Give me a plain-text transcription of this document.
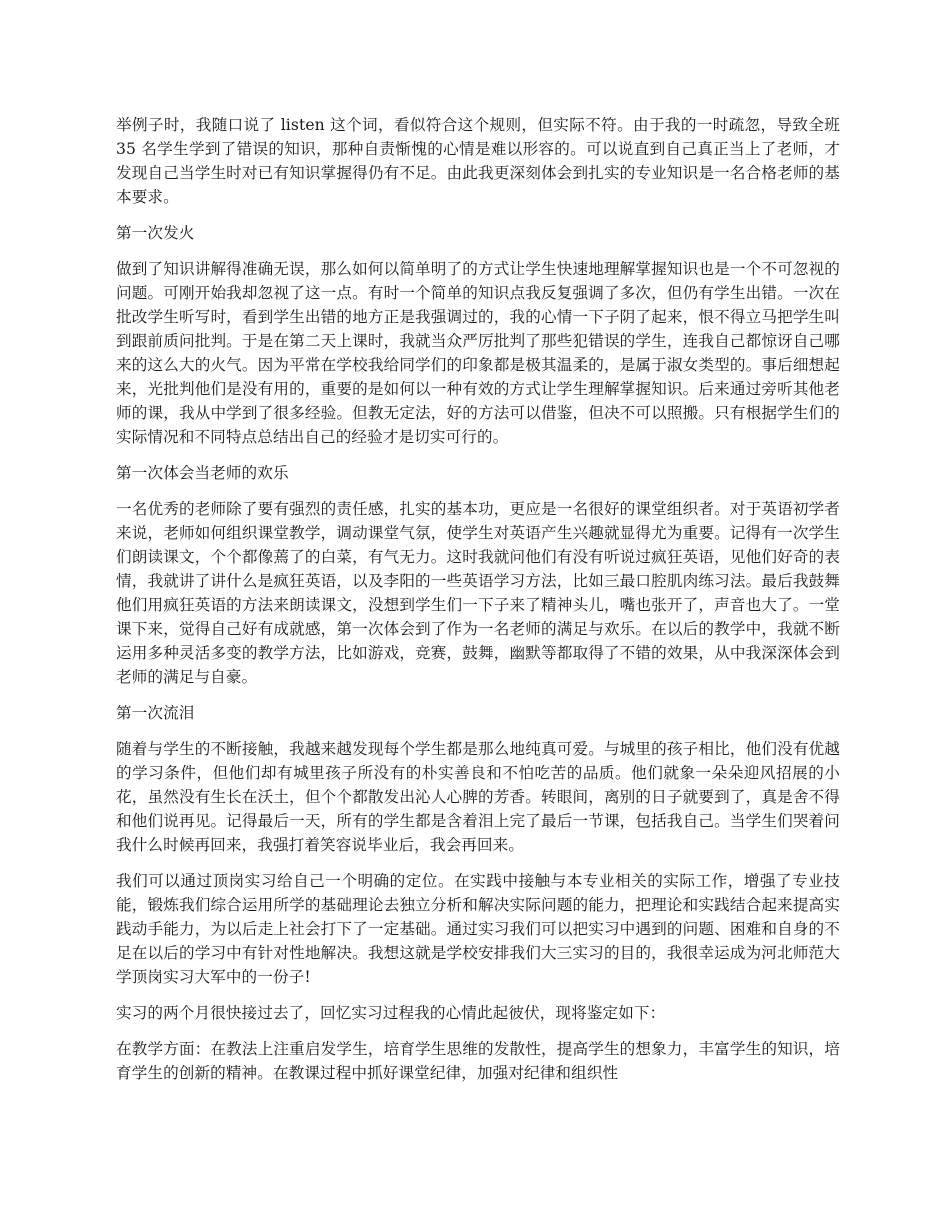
举例子时，我随口说了 listen 这个词，看似符合这个规则，但实际不符。由于我的一时疏忽，导致全班 35 名学生学到了错误的知识，那种自责惭愧的心情是难以形容的。可以说直到自己真正当上了老师，才发现自己当学生时对已有知识掌握得仍有不足。由此我更深刻体会到扎实的专业知识是一名合格老师的基本要求。

第一次发火

做到了知识讲解得准确无误，那么如何以简单明了的方式让学生快速地理解掌握知识也是一个不可忽视的问题。可刚开始我却忽视了这一点。有时一个简单的知识点我反复强调了多次，但仍有学生出错。一次在批改学生听写时，看到学生出错的地方正是我强调过的，我的心情一下子阴了起来，恨不得立马把学生叫到跟前质问批判。于是在第二天上课时，我就当众严厉批判了那些犯错误的学生，连我自己都惊讶自己哪来的这么大的火气。因为平常在学校我给同学们的印象都是极其温柔的，是属于淑女类型的。事后细想起来，光批判他们是没有用的，重要的是如何以一种有效的方式让学生理解掌握知识。后来通过旁听其他老师的课，我从中学到了很多经验。但教无定法，好的方法可以借鉴，但决不可以照搬。只有根据学生们的实际情况和不同特点总结出自己的经验才是切实可行的。

第一次体会当老师的欢乐

一名优秀的老师除了要有强烈的责任感，扎实的基本功，更应是一名很好的课堂组织者。对于英语初学者来说，老师如何组织课堂教学，调动课堂气氛，使学生对英语产生兴趣就显得尤为重要。记得有一次学生们朗读课文，个个都像蔫了的白菜，有气无力。这时我就问他们有没有听说过疯狂英语，见他们好奇的表情，我就讲了讲什么是疯狂英语，以及李阳的一些英语学习方法，比如三最口腔肌肉练习法。最后我鼓舞他们用疯狂英语的方法来朗读课文，没想到学生们一下子来了精神头儿，嘴也张开了，声音也大了。一堂课下来，觉得自己好有成就感，第一次体会到了作为一名老师的满足与欢乐。在以后的教学中，我就不断运用多种灵活多变的教学方法，比如游戏，竞赛，鼓舞，幽默等都取得了不错的效果，从中我深深体会到老师的满足与自豪。

第一次流泪

随着与学生的不断接触，我越来越发现每个学生都是那么地纯真可爱。与城里的孩子相比，他们没有优越的学习条件，但他们却有城里孩子所没有的朴实善良和不怕吃苦的品质。他们就象一朵朵迎风招展的小花，虽然没有生长在沃土，但个个都散发出沁人心脾的芳香。转眼间，离别的日子就要到了，真是舍不得和他们说再见。记得最后一天，所有的学生都是含着泪上完了最后一节课，包括我自己。当学生们哭着问我什么时候再回来，我强打着笑容说毕业后，我会再回来。

我们可以通过顶岗实习给自己一个明确的定位。在实践中接触与本专业相关的实际工作，增强了专业技能，锻炼我们综合运用所学的基础理论去独立分析和解决实际问题的能力，把理论和实践结合起来提高实践动手能力，为以后走上社会打下了一定基础。通过实习我们可以把实习中遇到的问题、困难和自身的不足在以后的学习中有针对性地解决。我想这就是学校安排我们大三实习的目的，我很幸运成为河北师范大学顶岗实习大军中的一份子!

实习的两个月很快接过去了，回忆实习过程我的心情此起彼伏，现将鉴定如下：

在教学方面：在教法上注重启发学生，培育学生思维的发散性，提高学生的想象力，丰富学生的知识，培育学生的创新的精神。在教课过程中抓好课堂纪律，加强对纪律和组织性
